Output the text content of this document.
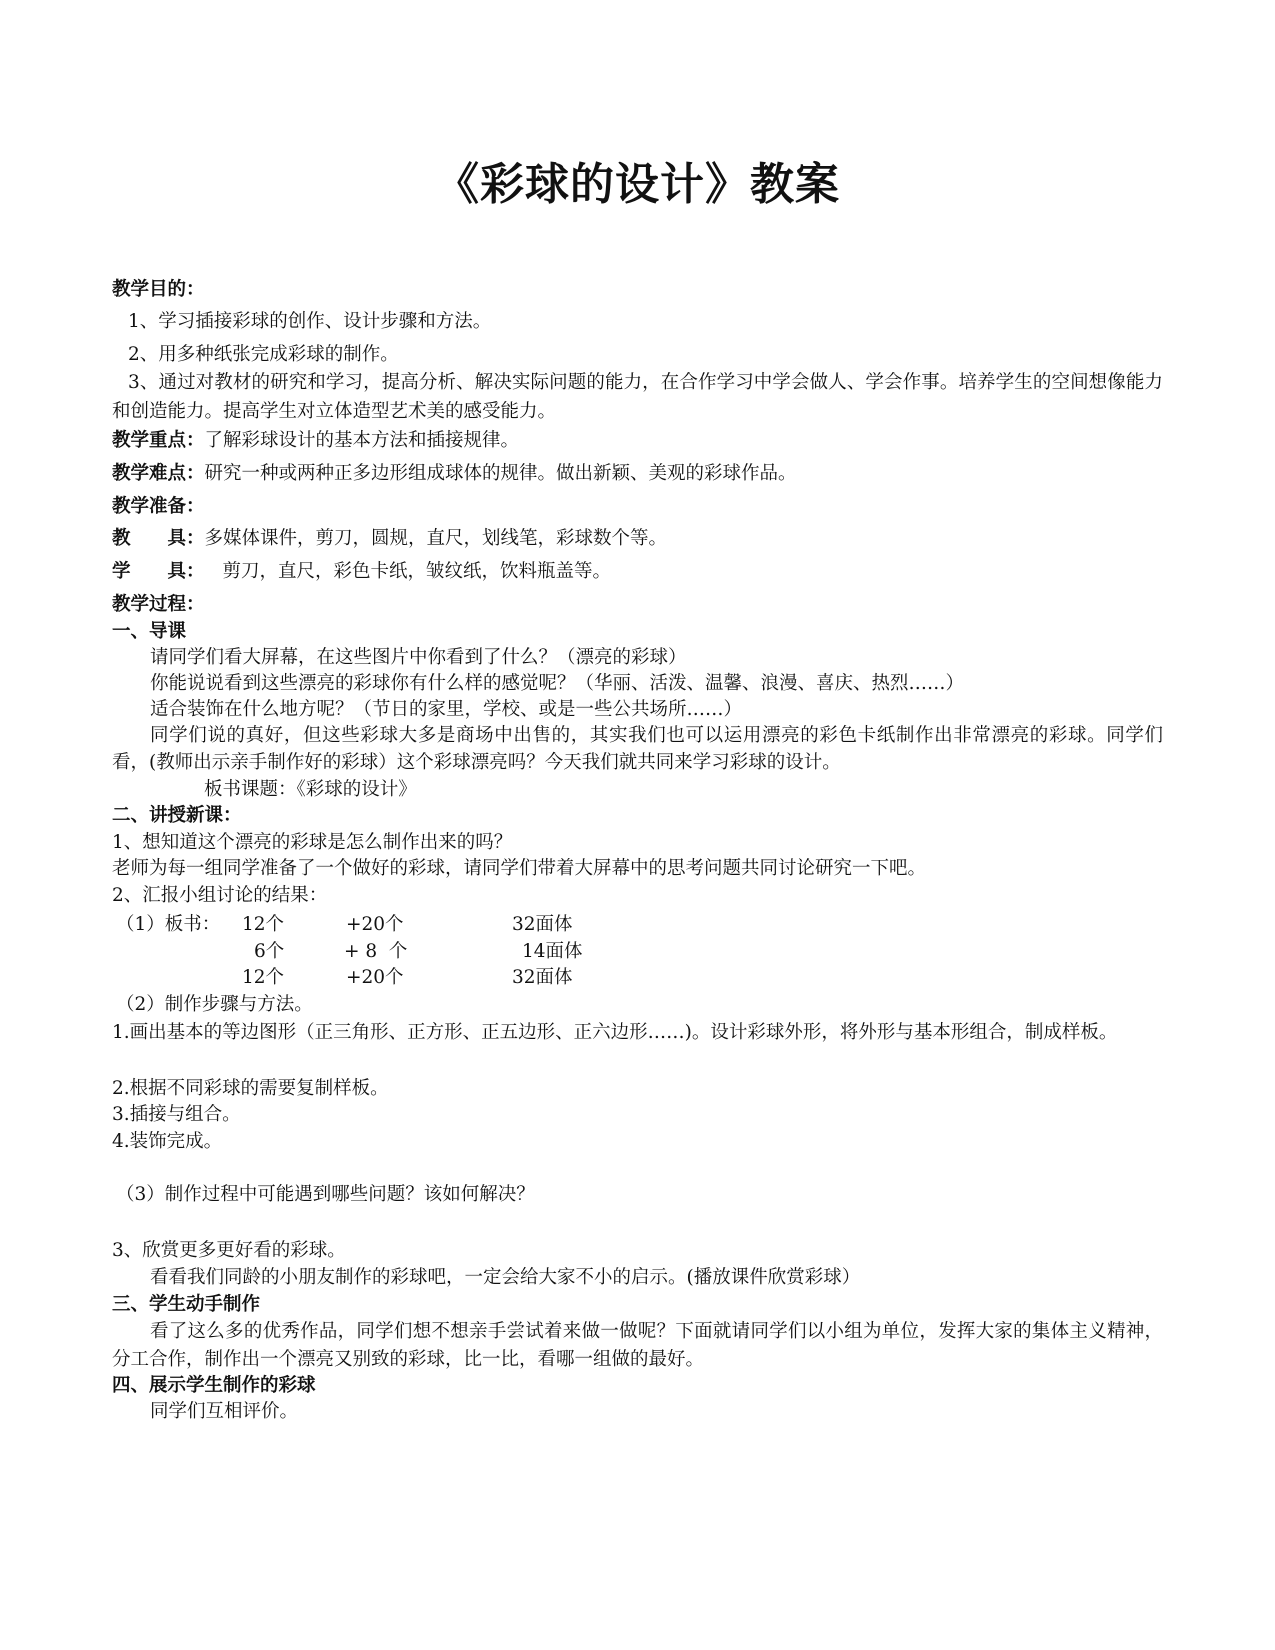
《彩球的设计》教案
教学目的：
1、学习插接彩球的创作、设计步骤和方法。
2、用多种纸张完成彩球的制作。
3、通过对教材的研究和学习，提高分析、解决实际问题的能力，在合作学习中学会做人、学会作事。培养学生的空间想像能力和创造能力。提高学生对立体造型艺术美的感受能力。
教学重点：了解彩球设计的基本方法和插接规律。
教学难点：研究一种或两种正多边形组成球体的规律。做出新颖、美观的彩球作品。
教学准备：
教　　具：多媒体课件，剪刀，圆规，直尺，划线笔，彩球数个等。
学　　具： 剪刀，直尺，彩色卡纸，皱纹纸，饮料瓶盖等。
教学过程：
一、导课
请同学们看大屏幕，在这些图片中你看到了什么？（漂亮的彩球）
你能说说看到这些漂亮的彩球你有什么样的感觉呢？（华丽、活泼、温馨、浪漫、喜庆、热烈……）
适合装饰在什么地方呢？（节日的家里，学校、或是一些公共场所……）
同学们说的真好，但这些彩球大多是商场中出售的，其实我们也可以运用漂亮的彩色卡纸制作出非常漂亮的彩球。同学们看，(教师出示亲手制作好的彩球）这个彩球漂亮吗？今天我们就共同来学习彩球的设计。
板书课题：《彩球的设计》
二、讲授新课：
1、想知道这个漂亮的彩球是怎么制作出来的吗？
老师为每一组同学准备了一个做好的彩球，请同学们带着大屏幕中的思考问题共同讨论研究一下吧。
2、汇报小组讨论的结果：
（1）板书： 12个	+20个	32面体
6个	+ 8  个	14面体
12个	+20个	32面体
（2）制作步骤与方法。
1.画出基本的等边图形（正三角形、正方形、正五边形、正六边形……)。设计彩球外形，将外形与基本形组合，制成样板。
2.根据不同彩球的需要复制样板。
3.插接与组合。
4.装饰完成。
（3）制作过程中可能遇到哪些问题？该如何解决？
3、欣赏更多更好看的彩球。
看看我们同龄的小朋友制作的彩球吧，一定会给大家不小的启示。(播放课件欣赏彩球）
三、学生动手制作
看了这么多的优秀作品，同学们想不想亲手尝试着来做一做呢？下面就请同学们以小组为单位，发挥大家的集体主义精神，分工合作，制作出一个漂亮又别致的彩球，比一比，看哪一组做的最好。
四、展示学生制作的彩球
同学们互相评价。
